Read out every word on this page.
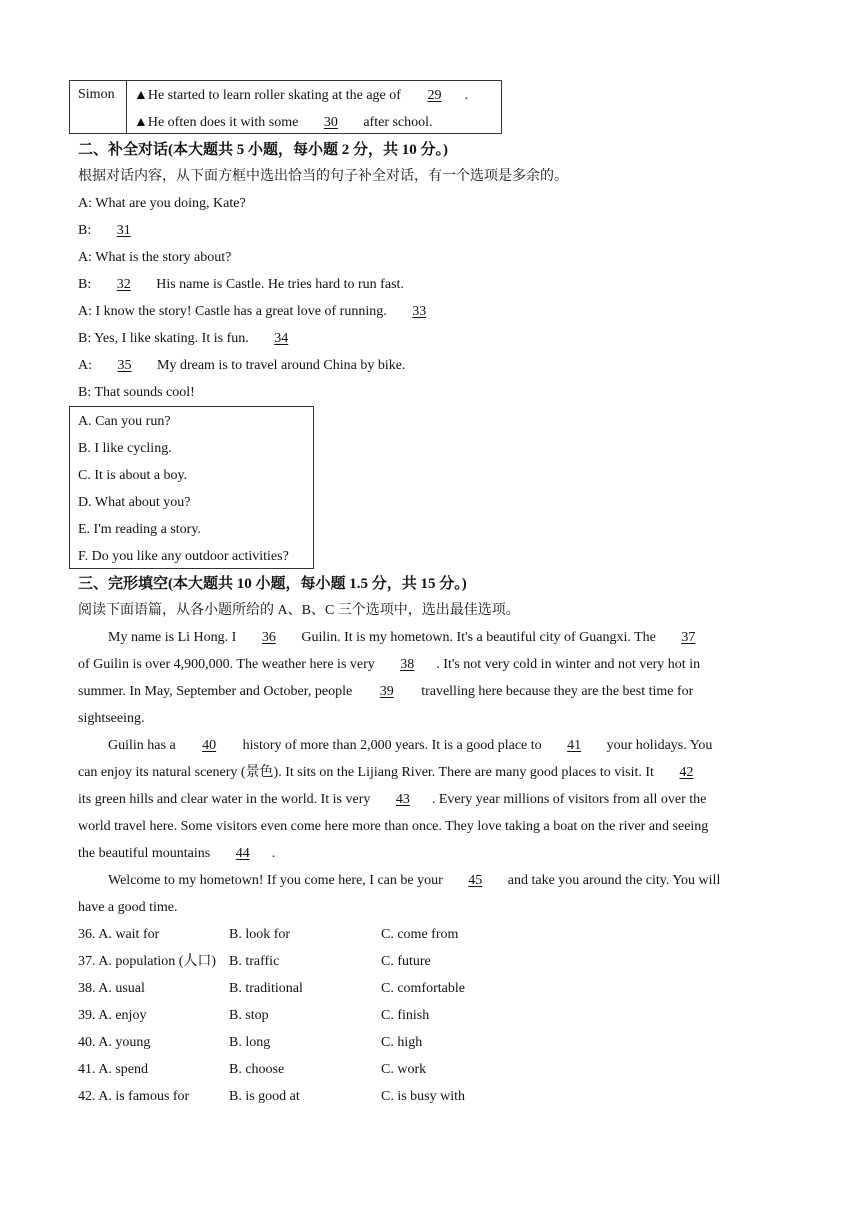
Simon ▲He started to learn roller skating at the age of 29 .
▲He often does it with some 30 after school.
二、补全对话(本大题共 5 小题，每小题 2 分，共 10 分。)
根据对话内容，从下面方框中选出恰当的句子补全对话，有一个选项是多余的。
A: What are you doing, Kate?
B: 31
A: What is the story about?
B: 32 His name is Castle. He tries hard to run fast.
A: I know the story! Castle has a great love of running. 33
B: Yes, I like skating. It is fun. 34
A: 35 My dream is to travel around China by bike.
B: That sounds cool!
A. Can you run?
B. I like cycling.
C. It is about a boy.
D. What about you?
E. I'm reading a story.
F. Do you like any outdoor activities?
三、完形填空(本大题共 10 小题，每小题 1.5 分，共 15 分。)
阅读下面语篇，从各小题所给的 A、B、C 三个选项中，选出最佳选项。
My name is Li Hong. I 36 Guilin. It is my hometown. It's a beautiful city of Guangxi. The 37
of Guilin is over 4,900,000. The weather here is very 38 . It's not very cold in winter and not very hot in
summer. In May, September and October, people 39 travelling here because they are the best time for
sightseeing.
Guilin has a 40 history of more than 2,000 years. It is a good place to 41 your holidays. You
can enjoy its natural scenery (景色). It sits on the Lijiang River. There are many good places to visit. It 42
its green hills and clear water in the world. It is very 43 . Every year millions of visitors from all over the
world travel here. Some visitors even come here more than once. They love taking a boat on the river and seeing
the beautiful mountains 44 .
Welcome to my hometown! If you come here, I can be your 45 and take you around the city. You will
have a good time.
36. A. wait for	B. look for	C. come from
37. A. population (人口) B. traffic	C. future
38. A. usual	B. traditional	C. comfortable
39. A. enjoy	B. stop	C. finish
40. A. young	B. long	C. high
41. A. spend	B. choose	C. work
42. A. is famous for	B. is good at	C. is busy with
